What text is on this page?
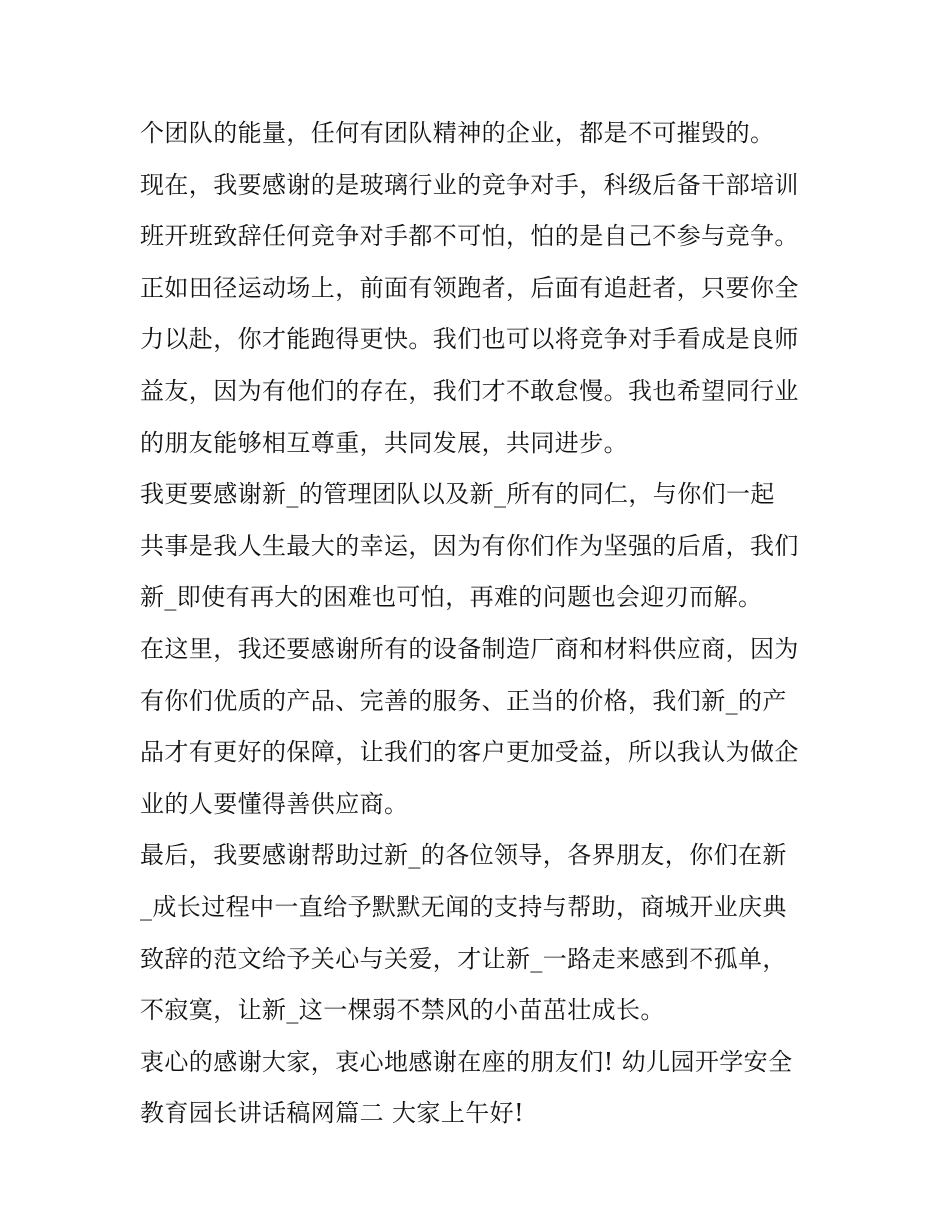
个团队的能量，任何有团队精神的企业，都是不可摧毁的。
现在，我要感谢的是玻璃行业的竞争对手，科级后备干部培训
班开班致辞任何竞争对手都不可怕，怕的是自己不参与竞争。
正如田径运动场上，前面有领跑者，后面有追赶者，只要你全
力以赴，你才能跑得更快。我们也可以将竞争对手看成是良师
益友，因为有他们的存在，我们才不敢怠慢。我也希望同行业
的朋友能够相互尊重，共同发展，共同进步。
我更要感谢新_的管理团队以及新_所有的同仁，与你们一起
共事是我人生最大的幸运，因为有你们作为坚强的后盾，我们
新_即使有再大的困难也可怕，再难的问题也会迎刃而解。
在这里，我还要感谢所有的设备制造厂商和材料供应商，因为
有你们优质的产品、完善的服务、正当的价格，我们新_的产
品才有更好的保障，让我们的客户更加受益，所以我认为做企
业的人要懂得善供应商。
最后，我要感谢帮助过新_的各位领导，各界朋友，你们在新
_成长过程中一直给予默默无闻的支持与帮助，商城开业庆典
致辞的范文给予关心与关爱，才让新_一路走来感到不孤单，
不寂寞，让新_这一棵弱不禁风的小苗茁壮成长。
衷心的感谢大家，衷心地感谢在座的朋友们! 幼儿园开学安全
教育园长讲话稿网篇二 大家上午好!
